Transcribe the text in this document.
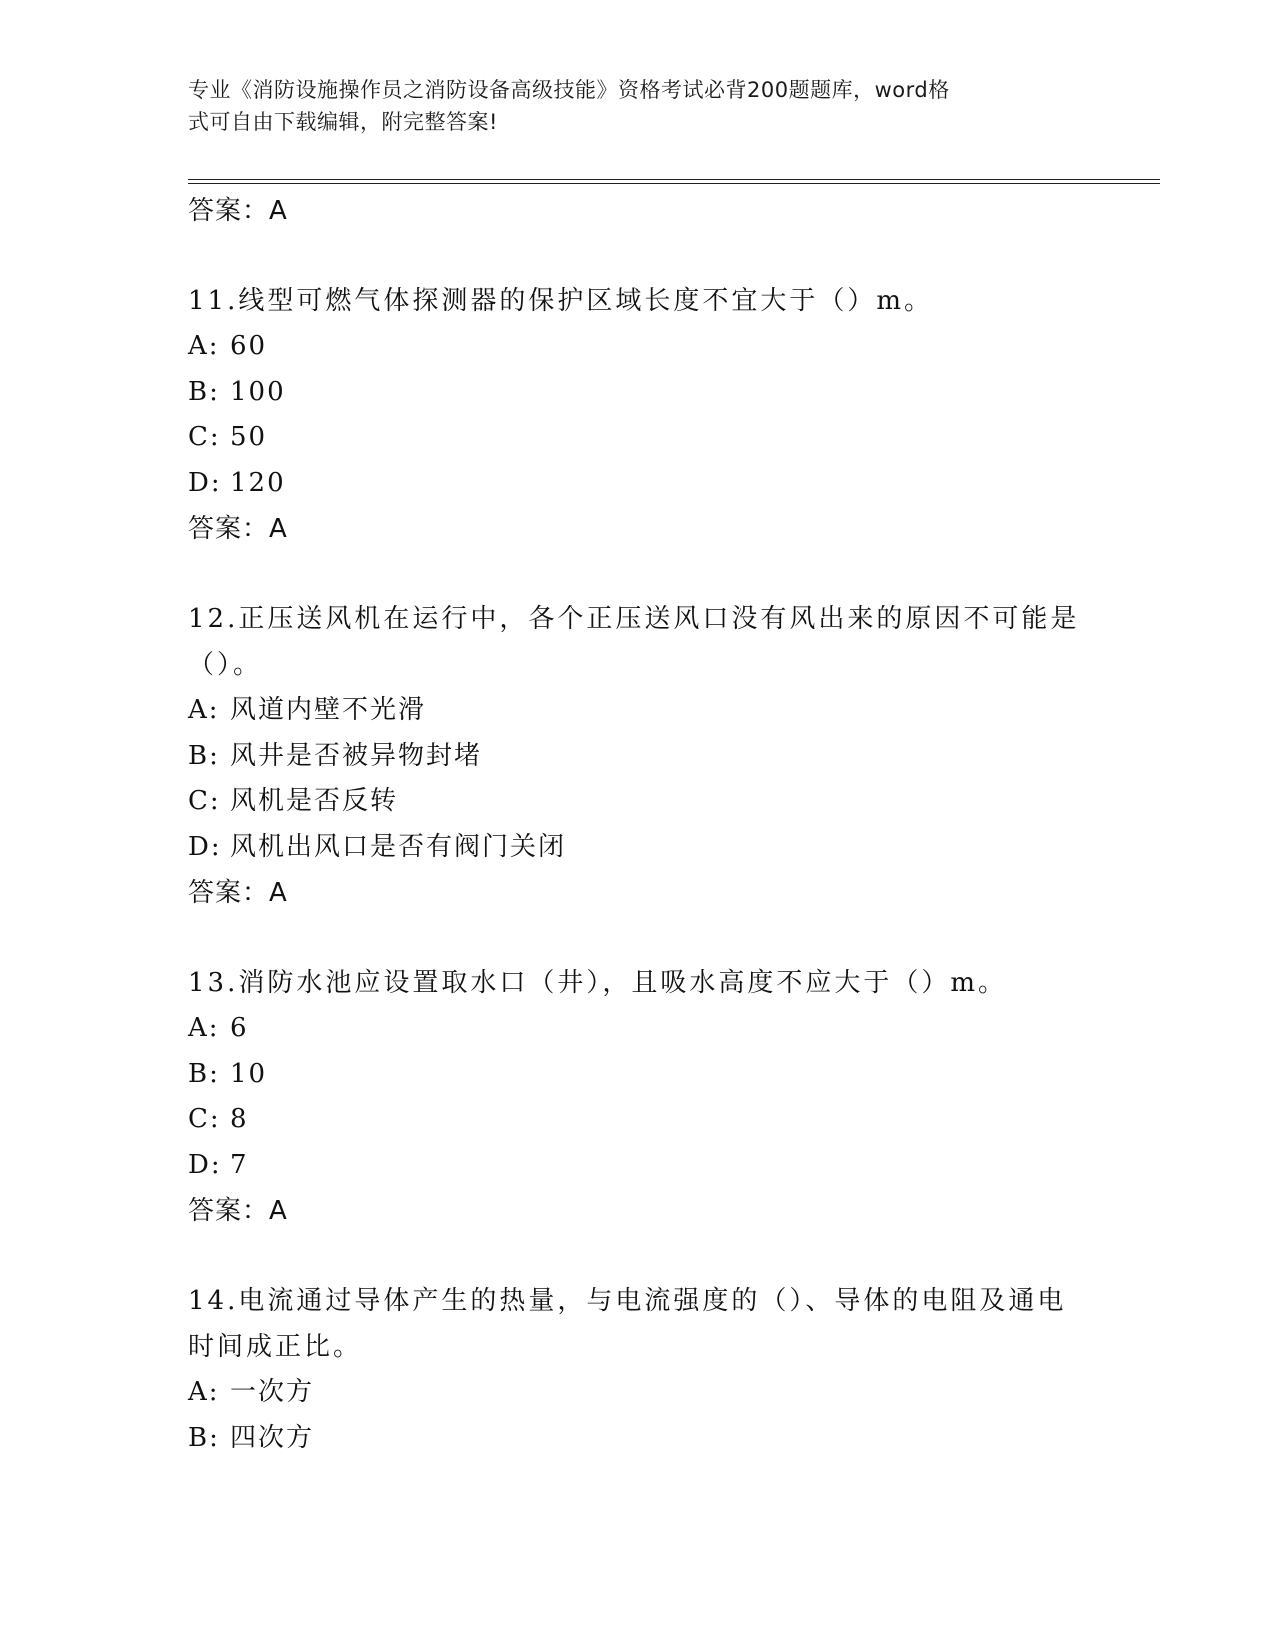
专业《消防设施操作员之消防设备高级技能》资格考试必背200题题库，word格
式可自由下载编辑，附完整答案!
答案：A
11.线型可燃气体探测器的保护区域长度不宜大于（）m。
A: 60
B: 100
C: 50
D: 120
答案：A
12.正压送风机在运行中，各个正压送风口没有风出来的原因不可能是
（）。
A: 风道内壁不光滑
B: 风井是否被异物封堵
C: 风机是否反转
D: 风机出风口是否有阀门关闭
答案：A
13.消防水池应设置取水口（井），且吸水高度不应大于（）m。
A: 6
B: 10
C: 8
D: 7
答案：A
14.电流通过导体产生的热量，与电流强度的（）、导体的电阻及通电
时间成正比。
A: 一次方
B: 四次方
